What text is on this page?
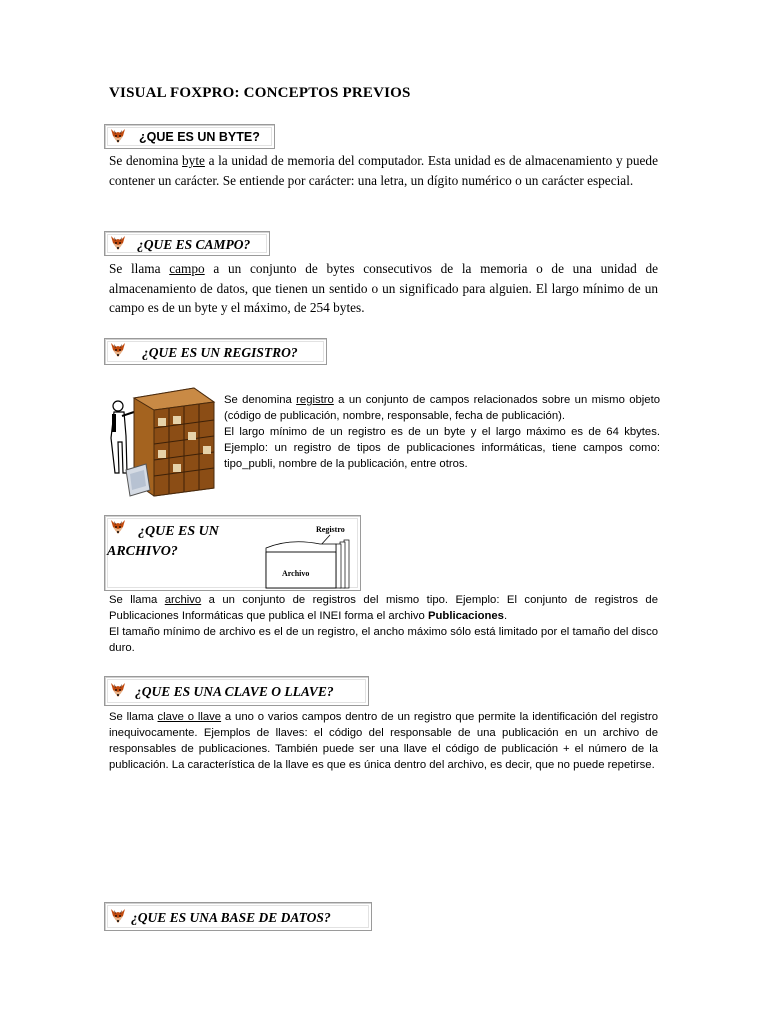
VISUAL FOXPRO: CONCEPTOS PREVIOS
¿QUE ES UN BYTE?

Se denomina byte a la unidad de memoria del computador. Esta unidad es de almacenamiento y puede contener un carácter. Se entiende por carácter: una letra, un dígito numérico o un carácter especial.

¿QUE ES CAMPO?

Se llama campo a un conjunto de bytes consecutivos de la memoria o de una unidad de almacenamiento de datos, que tienen un sentido o un significado para alguien. El largo mínimo de un campo es de un byte y el máximo, de 254 bytes.

¿QUE ES UN REGISTRO?
Se denomina registro a un conjunto de campos relacionados sobre un mismo objeto (código de publicación, nombre, responsable, fecha de publicación).
El largo mínimo de un registro es de un byte y el largo máximo es de 64 kbytes. Ejemplo: un registro de tipos de publicaciones informáticas, tiene campos como: tipo_publi, nombre de la publicación, entre otros.
¿QUE ES UN
ARCHIVO?
Registro
Archivo
Se llama archivo a un conjunto de registros del mismo tipo. Ejemplo: El conjunto de registros de Publicaciones Informáticas que publica el INEI forma el archivo Publicaciones.
El tamaño mínimo de archivo es el de un registro, el ancho máximo sólo está limitado por el tamaño del disco duro.
¿QUE ES UNA CLAVE O LLAVE?
Se llama clave o llave a uno o varios campos dentro de un registro que permite la identificación del registro inequivocamente. Ejemplos de llaves: el código del responsable de una publicación en un archivo de responsables de publicaciones. También puede ser una llave el código de publicación + el número de la publicación. La característica de la llave es que es única dentro del archivo, es decir, que no puede repetirse.
¿QUE ES UNA BASE DE DATOS?
